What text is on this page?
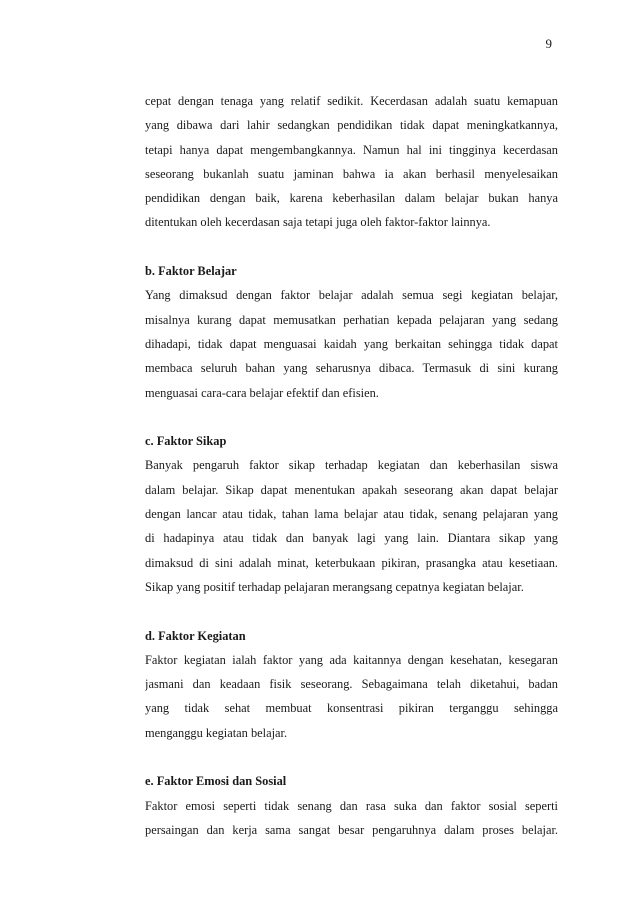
9
cepat dengan tenaga yang relatif sedikit. Kecerdasan adalah suatu kemapuan
yang dibawa dari lahir sedangkan pendidikan tidak dapat meningkatkannya,
tetapi hanya dapat mengembangkannya. Namun hal ini tingginya kecerdasan
seseorang bukanlah suatu jaminan bahwa ia akan berhasil menyelesaikan
pendidikan dengan baik, karena keberhasilan dalam belajar bukan hanya
ditentukan oleh kecerdasan saja tetapi juga oleh faktor-faktor lainnya.
b. Faktor Belajar
Yang dimaksud dengan faktor belajar adalah semua segi kegiatan belajar,
misalnya kurang dapat memusatkan perhatian kepada pelajaran yang sedang
dihadapi, tidak dapat menguasai kaidah yang berkaitan sehingga tidak dapat
membaca seluruh bahan yang seharusnya dibaca. Termasuk di sini kurang
menguasai cara-cara belajar efektif dan efisien.
c. Faktor Sikap
Banyak pengaruh faktor sikap terhadap kegiatan dan keberhasilan siswa
dalam belajar. Sikap dapat menentukan apakah seseorang akan dapat belajar
dengan lancar atau tidak, tahan lama belajar atau tidak, senang pelajaran yang
di hadapinya atau tidak dan banyak lagi yang lain. Diantara sikap yang
dimaksud di sini adalah minat, keterbukaan pikiran, prasangka atau kesetiaan.
Sikap yang positif terhadap pelajaran merangsang cepatnya kegiatan belajar.
d. Faktor Kegiatan
Faktor kegiatan ialah faktor yang ada kaitannya dengan kesehatan, kesegaran
jasmani dan keadaan fisik seseorang. Sebagaimana telah diketahui, badan
yang tidak sehat membuat konsentrasi pikiran terganggu sehingga
menganggu kegiatan belajar.
e. Faktor Emosi dan Sosial
Faktor emosi seperti tidak senang dan rasa suka dan faktor sosial seperti
persaingan dan kerja sama sangat besar pengaruhnya dalam proses belajar.
